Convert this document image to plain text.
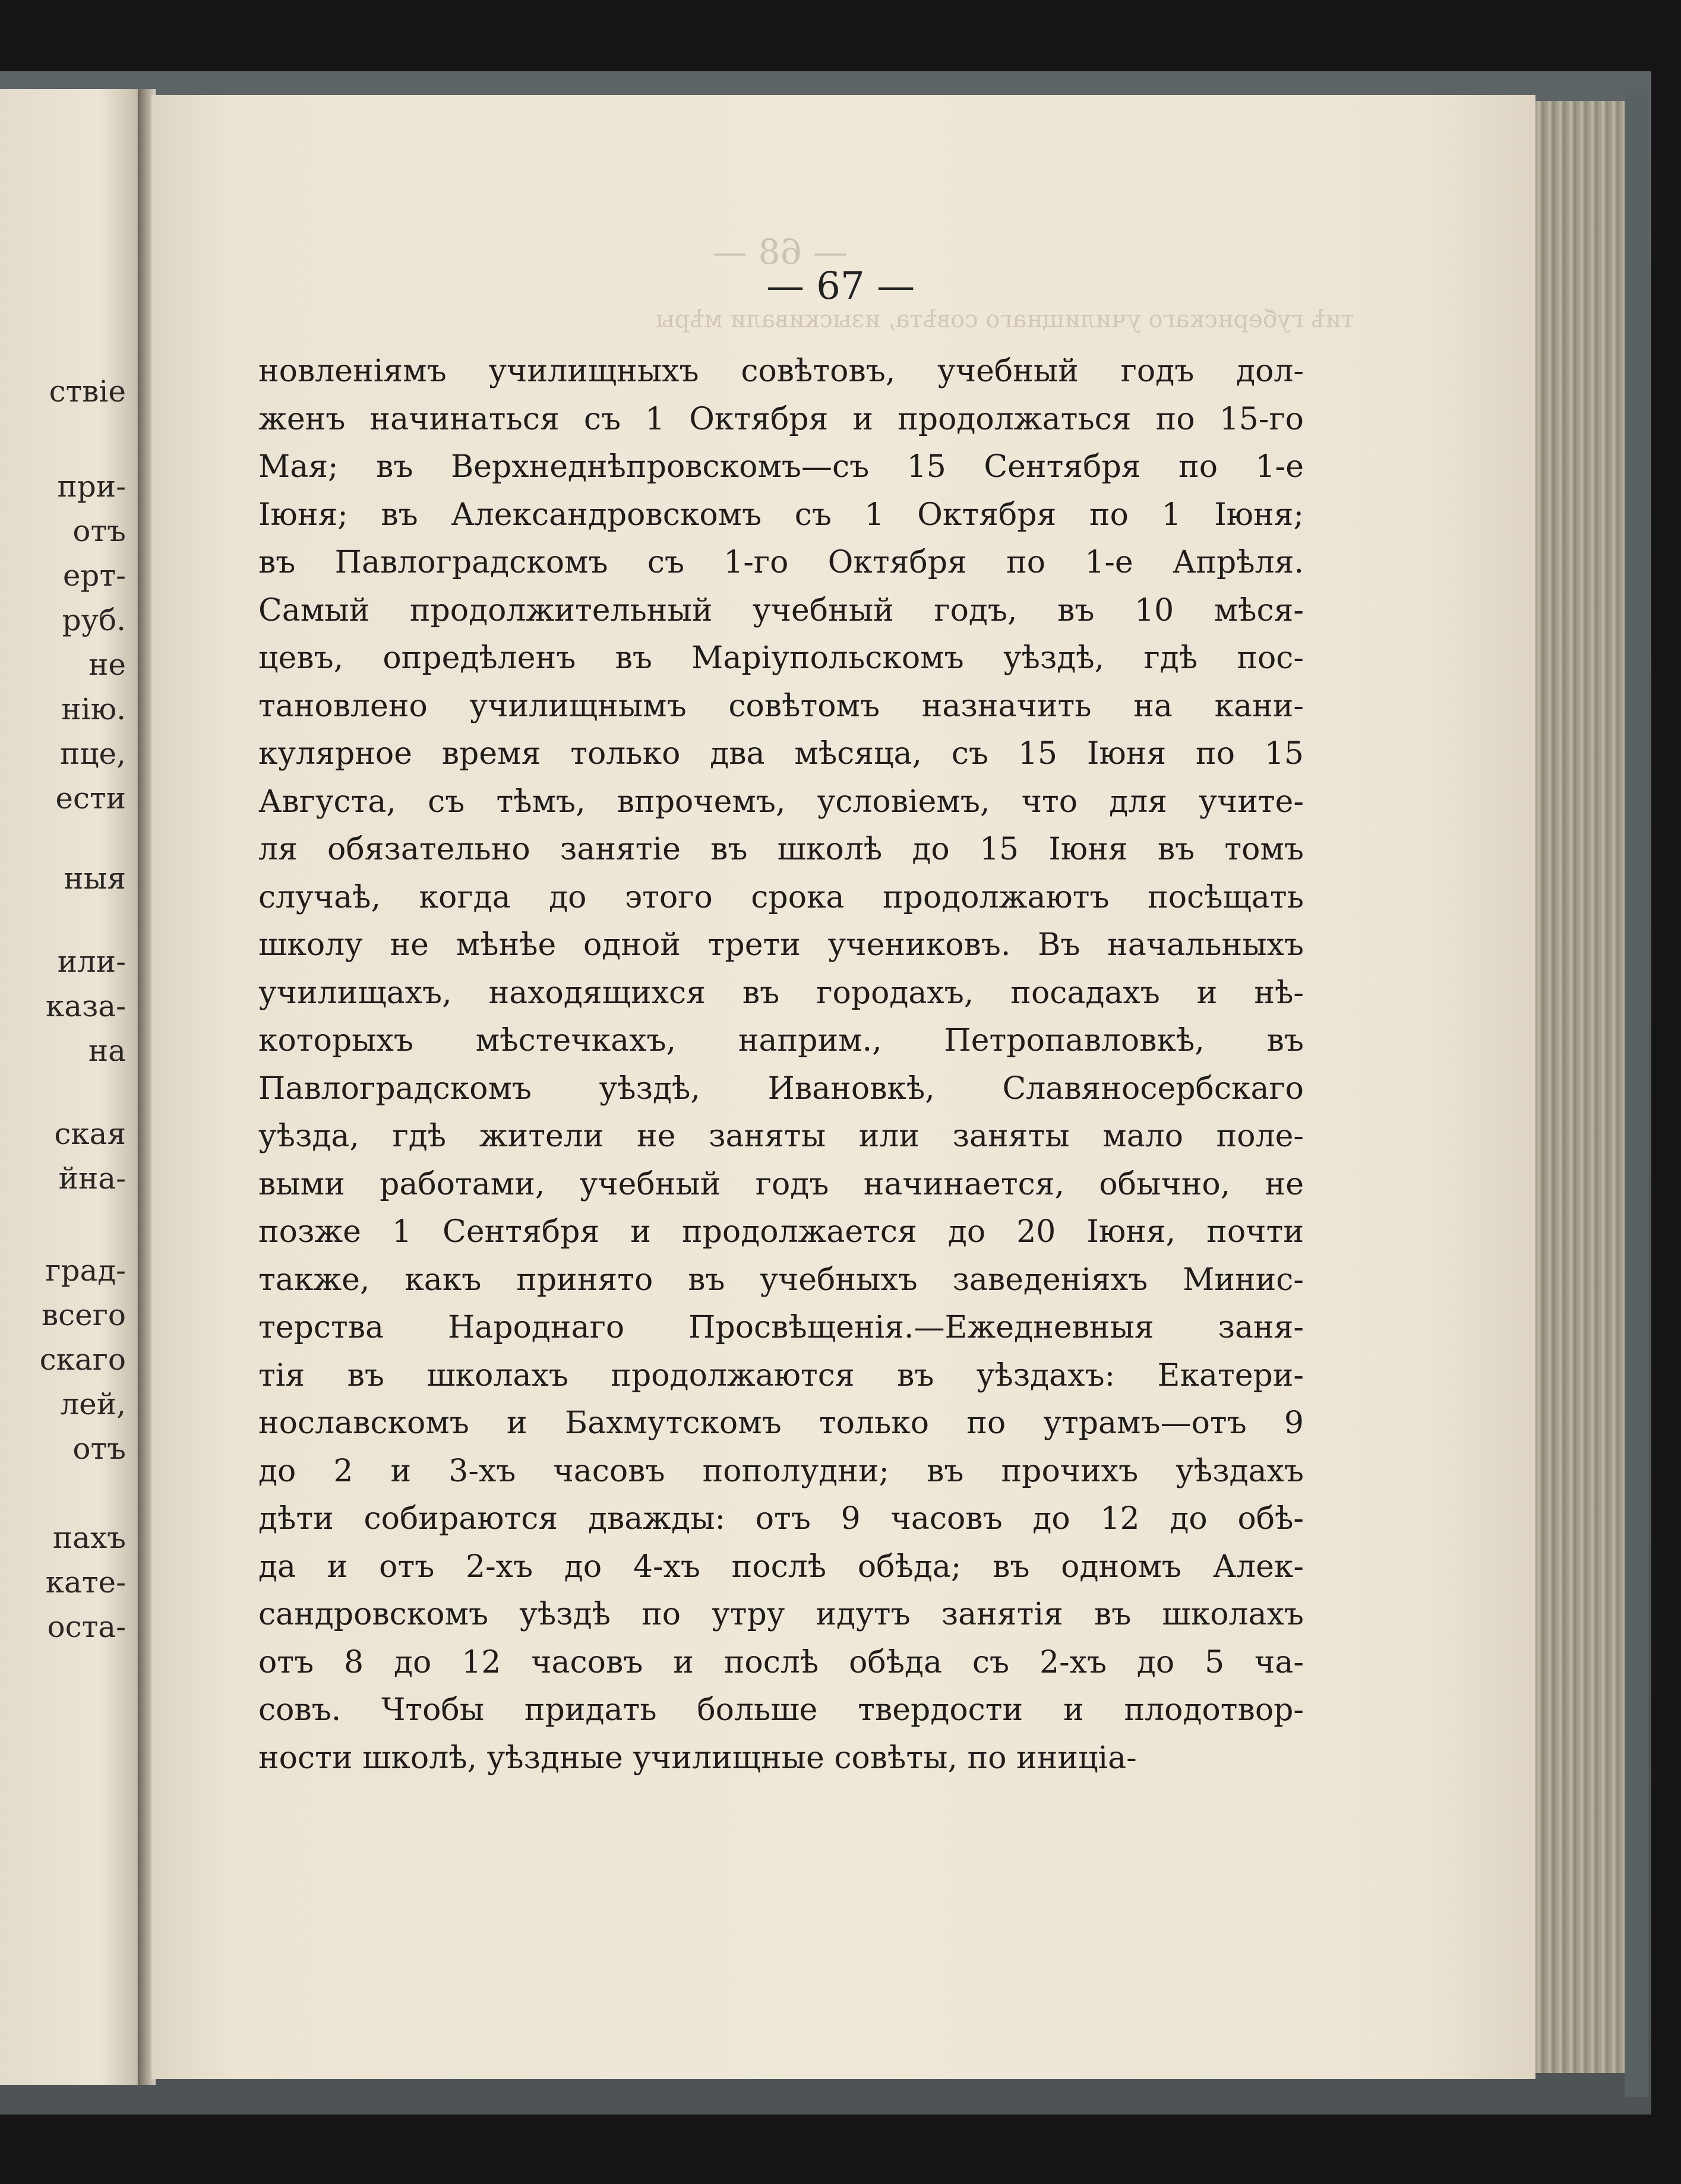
ствіе
при-
отъ
ерт-
руб.
не
нію.
пце,
ести
ныя
или-
каза-
на
ская
йна-
град-
всего
скаго
лей,
отъ
пахъ
кате-
оста-
— 68 —
тиѣ губернскаго училищнаго совѣта, изыскивали мѣры
— 67 —
новленіямъ училищныхъ совѣтовъ, учебный годъ дол-
женъ начинаться съ 1 Октября и продолжаться по 15-го
Мая; въ Верхнеднѣпровскомъ—съ 15 Сентября по 1-е
Іюня; въ Александровскомъ съ 1 Октября по 1 Іюня;
въ Павлоградскомъ съ 1-го Октября по 1-е Апрѣля.
Самый продолжительный учебный годъ, въ 10 мѣся-
цевъ, опредѣленъ въ Маріупольскомъ уѣздѣ, гдѣ пос-
тановлено училищнымъ совѣтомъ назначить на кани-
кулярное время только два мѣсяца, съ 15 Іюня по 15
Августа, съ тѣмъ, впрочемъ, условіемъ, что для учите-
ля обязательно занятіе въ школѣ до 15 Іюня въ томъ
случаѣ, когда до этого срока продолжаютъ посѣщать
школу не мѣнѣе одной трети учениковъ. Въ начальныхъ
училищахъ, находящихся въ городахъ, посадахъ и нѣ-
которыхъ мѣстечкахъ, наприм., Петропавловкѣ, въ
Павлоградскомъ уѣздѣ, Ивановкѣ, Славяносербскаго
уѣзда, гдѣ жители не заняты или заняты мало поле-
выми работами, учебный годъ начинается, обычно, не
позже 1 Сентября и продолжается до 20 Іюня, почти
также, какъ принято въ учебныхъ заведеніяхъ Минис-
терства Народнаго Просвѣщенія.—Ежедневныя заня-
тія въ школахъ продолжаются въ уѣздахъ: Екатери-
нославскомъ и Бахмутскомъ только по утрамъ—отъ 9
до 2 и 3-хъ часовъ пополудни; въ прочихъ уѣздахъ
дѣти собираются дважды: отъ 9 часовъ до 12 до обѣ-
да и отъ 2-хъ до 4-хъ послѣ обѣда; въ одномъ Алек-
сандровскомъ уѣздѣ по утру идутъ занятія въ школахъ
отъ 8 до 12 часовъ и послѣ обѣда съ 2-хъ до 5 ча-
совъ. Чтобы придать больше твердости и плодотвор-
ности школѣ, уѣздные училищные совѣты, по иниціа-
